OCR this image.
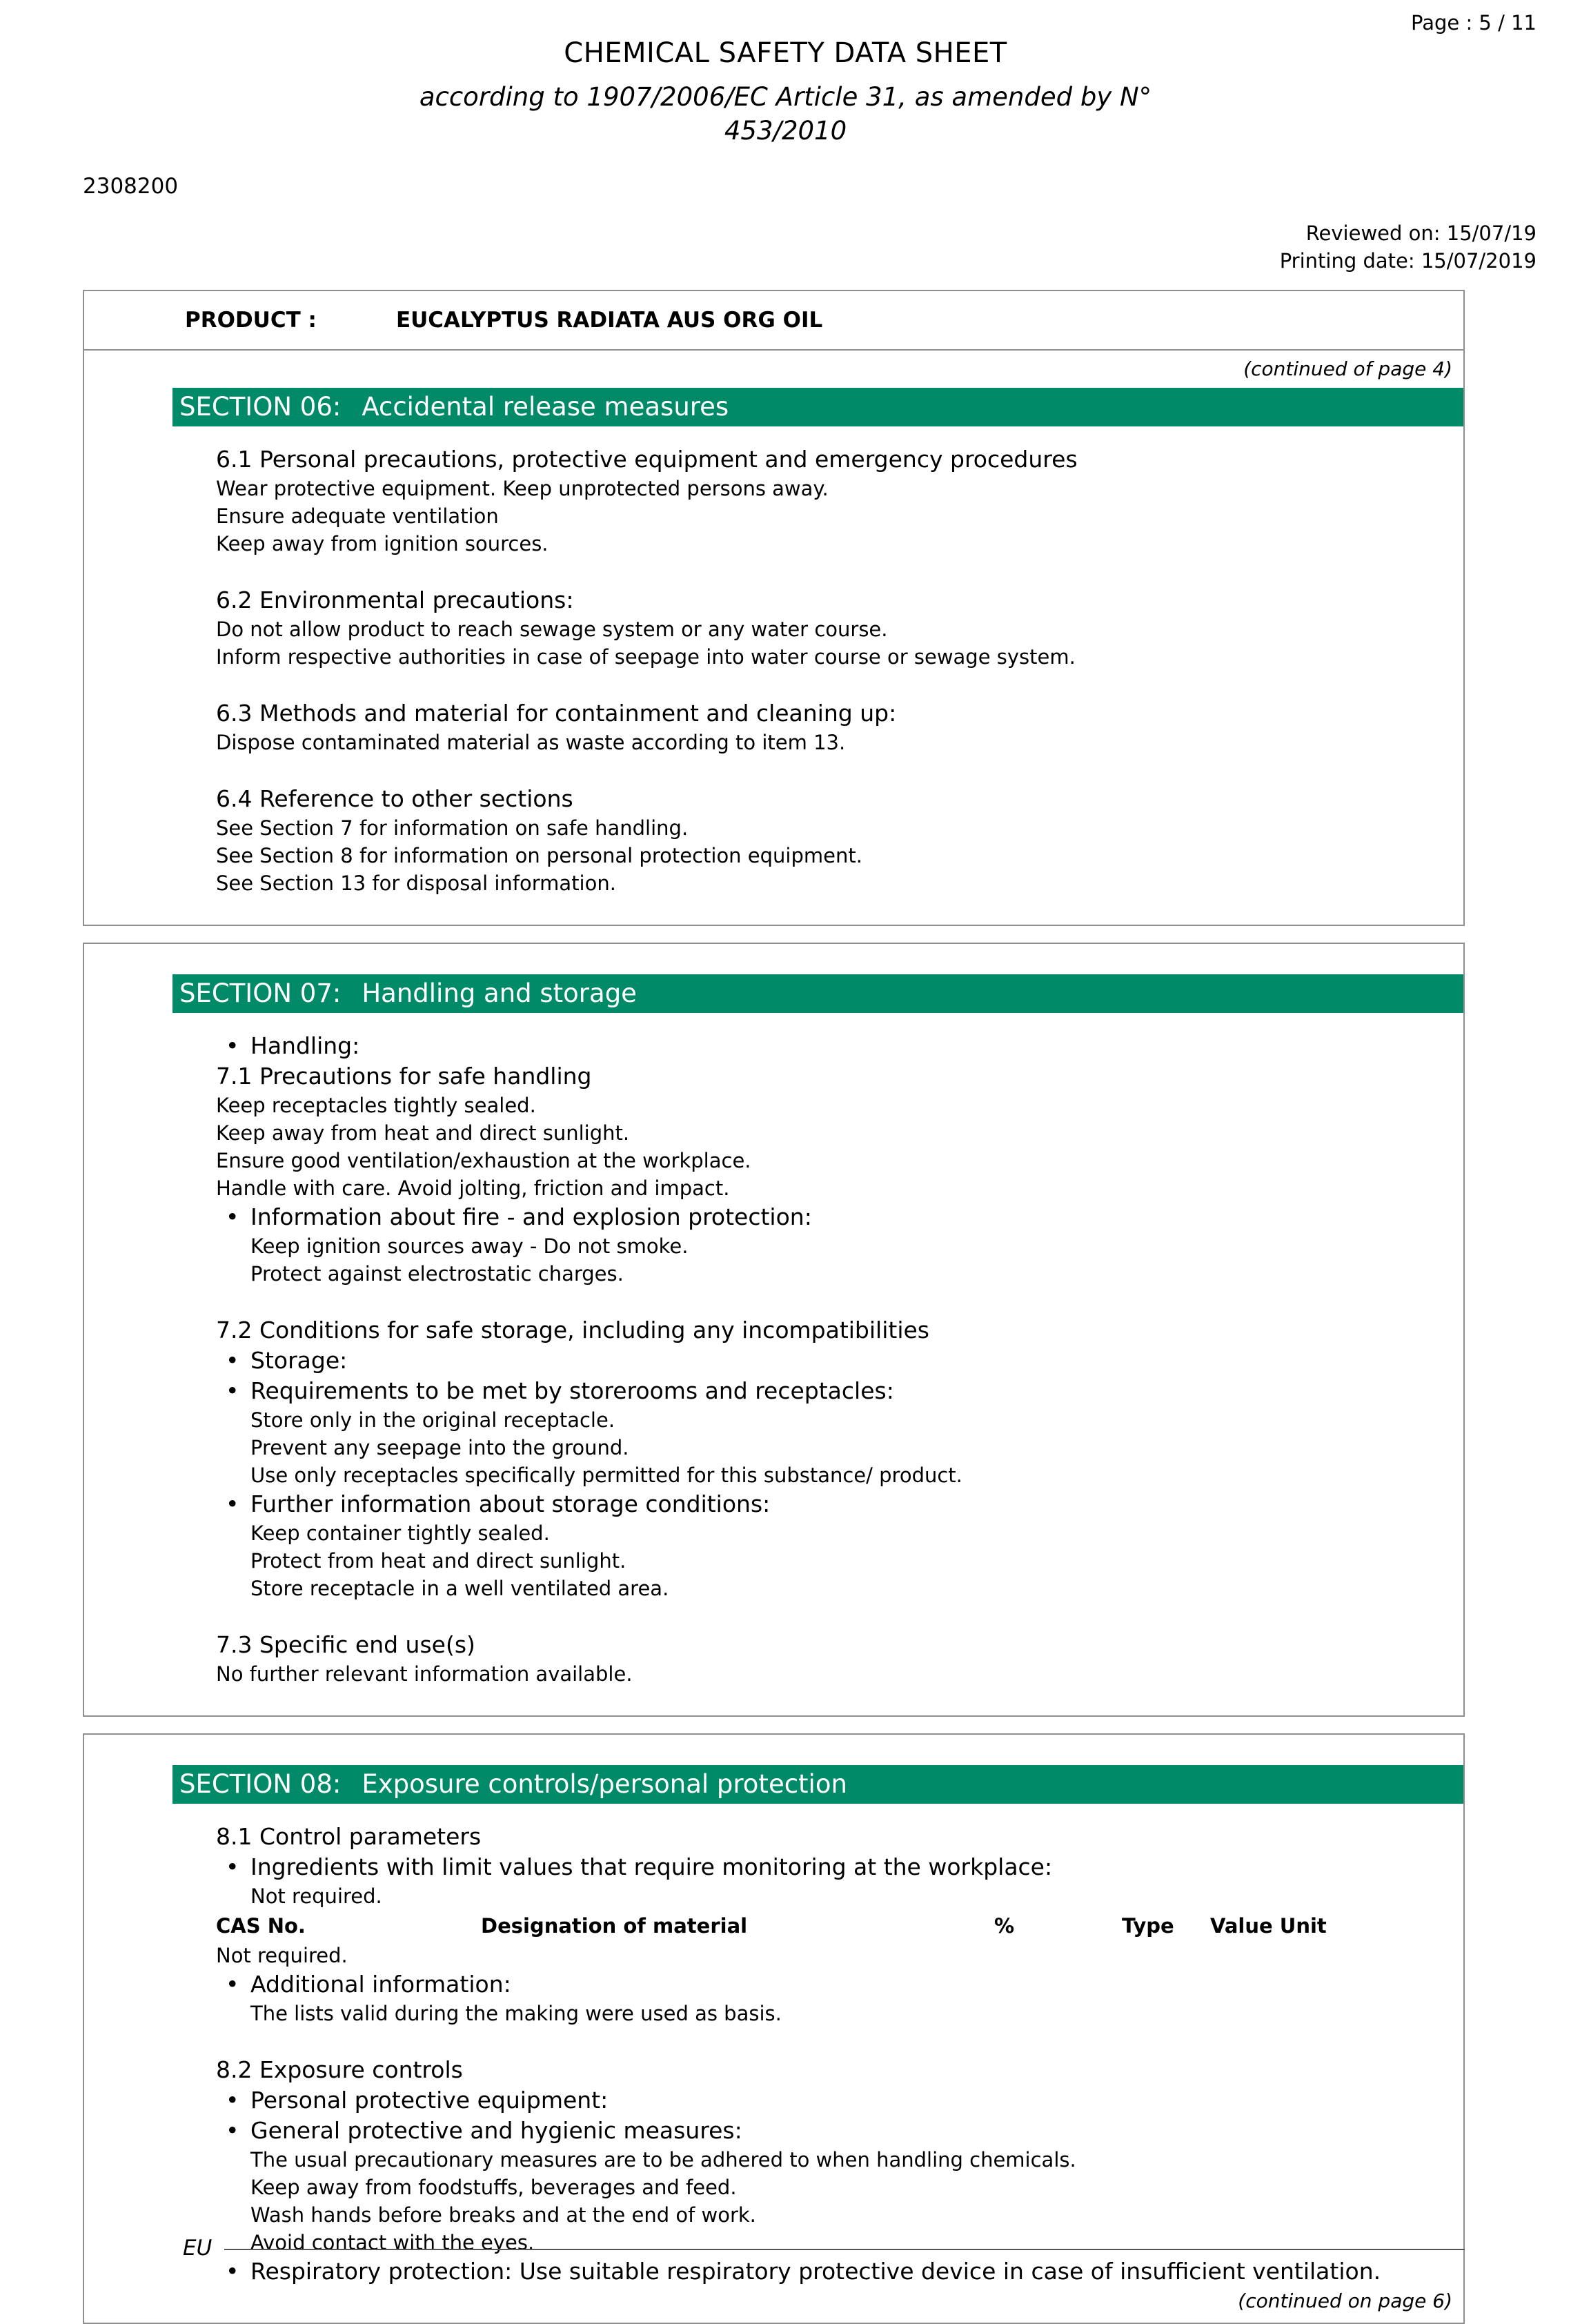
Page : 5 / 11
CHEMICAL SAFETY DATA SHEET
according to 1907/2006/EC Article 31, as amended by N°
453/2010
2308200
Reviewed on: 15/07/19
Printing date: 15/07/2019
PRODUCT :	EUCALYPTUS RADIATA AUS ORG OIL
(continued of page 4)
SECTION 06: Accidental release measures
6.1 Personal precautions, protective equipment and emergency procedures
Wear protective equipment. Keep unprotected persons away.
Ensure adequate ventilation
Keep away from ignition sources.
6.2 Environmental precautions:
Do not allow product to reach sewage system or any water course.
Inform respective authorities in case of seepage into water course or sewage system.
6.3 Methods and material for containment and cleaning up:
Dispose contaminated material as waste according to item 13.
6.4 Reference to other sections
See Section 7 for information on safe handling.
See Section 8 for information on personal protection equipment.
See Section 13 for disposal information.
SECTION 07: Handling and storage
• Handling:
7.1 Precautions for safe handling
Keep receptacles tightly sealed.
Keep away from heat and direct sunlight.
Ensure good ventilation/exhaustion at the workplace.
Handle with care. Avoid jolting, friction and impact.
• Information about fire - and explosion protection:
Keep ignition sources away - Do not smoke.
Protect against electrostatic charges.
7.2 Conditions for safe storage, including any incompatibilities
• Storage:
• Requirements to be met by storerooms and receptacles:
Store only in the original receptacle.
Prevent any seepage into the ground.
Use only receptacles specifically permitted for this substance/ product.
• Further information about storage conditions:
Keep container tightly sealed.
Protect from heat and direct sunlight.
Store receptacle in a well ventilated area.
7.3 Specific end use(s)
No further relevant information available.
SECTION 08: Exposure controls/personal protection
8.1 Control parameters
• Ingredients with limit values that require monitoring at the workplace:
Not required.
CAS No.	Designation of material	%	Type	Value Unit
Not required.
• Additional information:
The lists valid during the making were used as basis.
8.2 Exposure controls
• Personal protective equipment:
• General protective and hygienic measures:
The usual precautionary measures are to be adhered to when handling chemicals.
Keep away from foodstuffs, beverages and feed.
Wash hands before breaks and at the end of work.
Avoid contact with the eyes.
• Respiratory protection: Use suitable respiratory protective device in case of insufficient ventilation.
(continued on page 6)
EU
